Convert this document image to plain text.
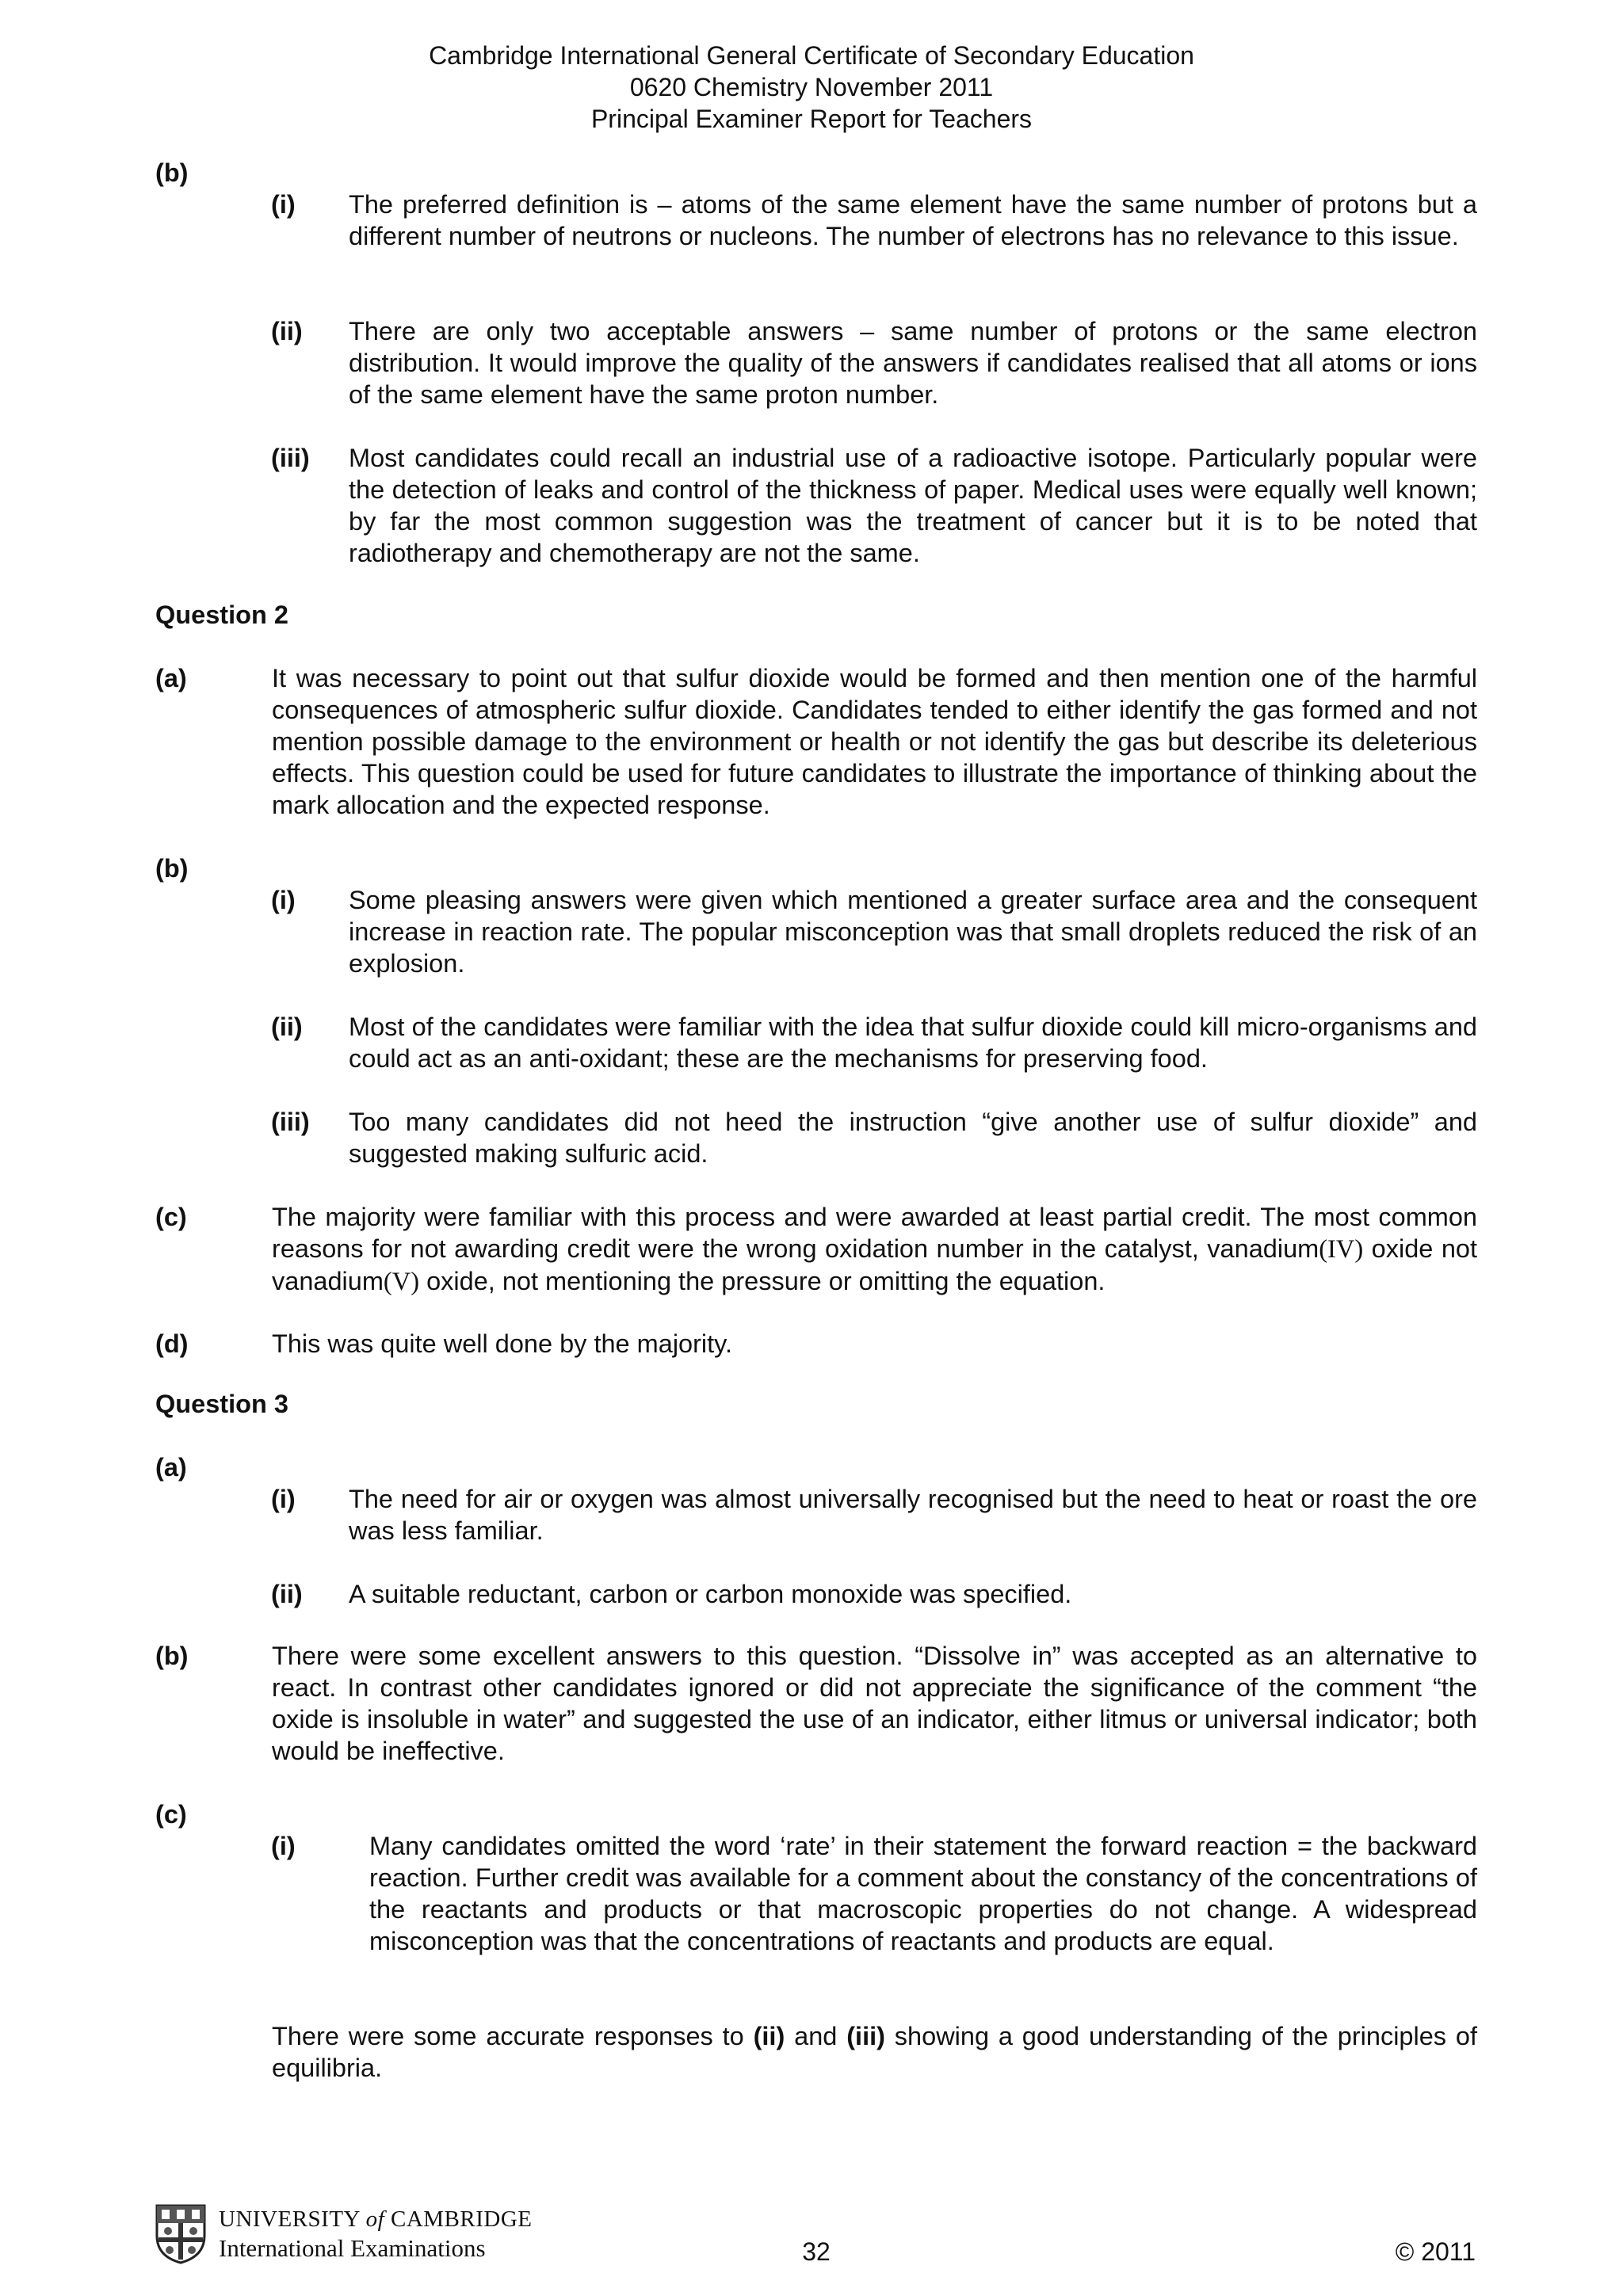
Cambridge International General Certificate of Secondary Education
0620 Chemistry November 2011
Principal Examiner Report for Teachers
(b)
(i) The preferred definition is – atoms of the same element have the same number of protons but a different number of neutrons or nucleons. The number of electrons has no relevance to this issue.
(ii) There are only two acceptable answers – same number of protons or the same electron distribution. It would improve the quality of the answers if candidates realised that all atoms or ions of the same element have the same proton number.
(iii) Most candidates could recall an industrial use of a radioactive isotope. Particularly popular were the detection of leaks and control of the thickness of paper. Medical uses were equally well known; by far the most common suggestion was the treatment of cancer but it is to be noted that radiotherapy and chemotherapy are not the same.
Question 2
(a)	It was necessary to point out that sulfur dioxide would be formed and then mention one of the harmful consequences of atmospheric sulfur dioxide. Candidates tended to either identify the gas formed and not mention possible damage to the environment or health or not identify the gas but describe its deleterious effects. This question could be used for future candidates to illustrate the importance of thinking about the mark allocation and the expected response.
(b)
(i) Some pleasing answers were given which mentioned a greater surface area and the consequent increase in reaction rate. The popular misconception was that small droplets reduced the risk of an explosion.
(ii) Most of the candidates were familiar with the idea that sulfur dioxide could kill micro-organisms and could act as an anti-oxidant; these are the mechanisms for preserving food.
(iii) Too many candidates did not heed the instruction “give another use of sulfur dioxide” and suggested making sulfuric acid.
(c)	The majority were familiar with this process and were awarded at least partial credit. The most common reasons for not awarding credit were the wrong oxidation number in the catalyst, vanadium(IV) oxide not vanadium(V) oxide, not mentioning the pressure or omitting the equation.
(d)	This was quite well done by the majority.
Question 3
(a)
(i) The need for air or oxygen was almost universally recognised but the need to heat or roast the ore was less familiar.
(ii) A suitable reductant, carbon or carbon monoxide was specified.
(b)	There were some excellent answers to this question. “Dissolve in” was accepted as an alternative to react. In contrast other candidates ignored or did not appreciate the significance of the comment “the oxide is insoluble in water” and suggested the use of an indicator, either litmus or universal indicator; both would be ineffective.
(c)
(i)	Many candidates omitted the word ‘rate’ in their statement the forward reaction = the backward reaction. Further credit was available for a comment about the constancy of the concentrations of the reactants and products or that macroscopic properties do not change. A widespread misconception was that the concentrations of reactants and products are equal.
There were some accurate responses to (ii) and (iii) showing a good understanding of the principles of equilibria.
UNIVERSITY of CAMBRIDGE
International Examinations	32	© 2011
